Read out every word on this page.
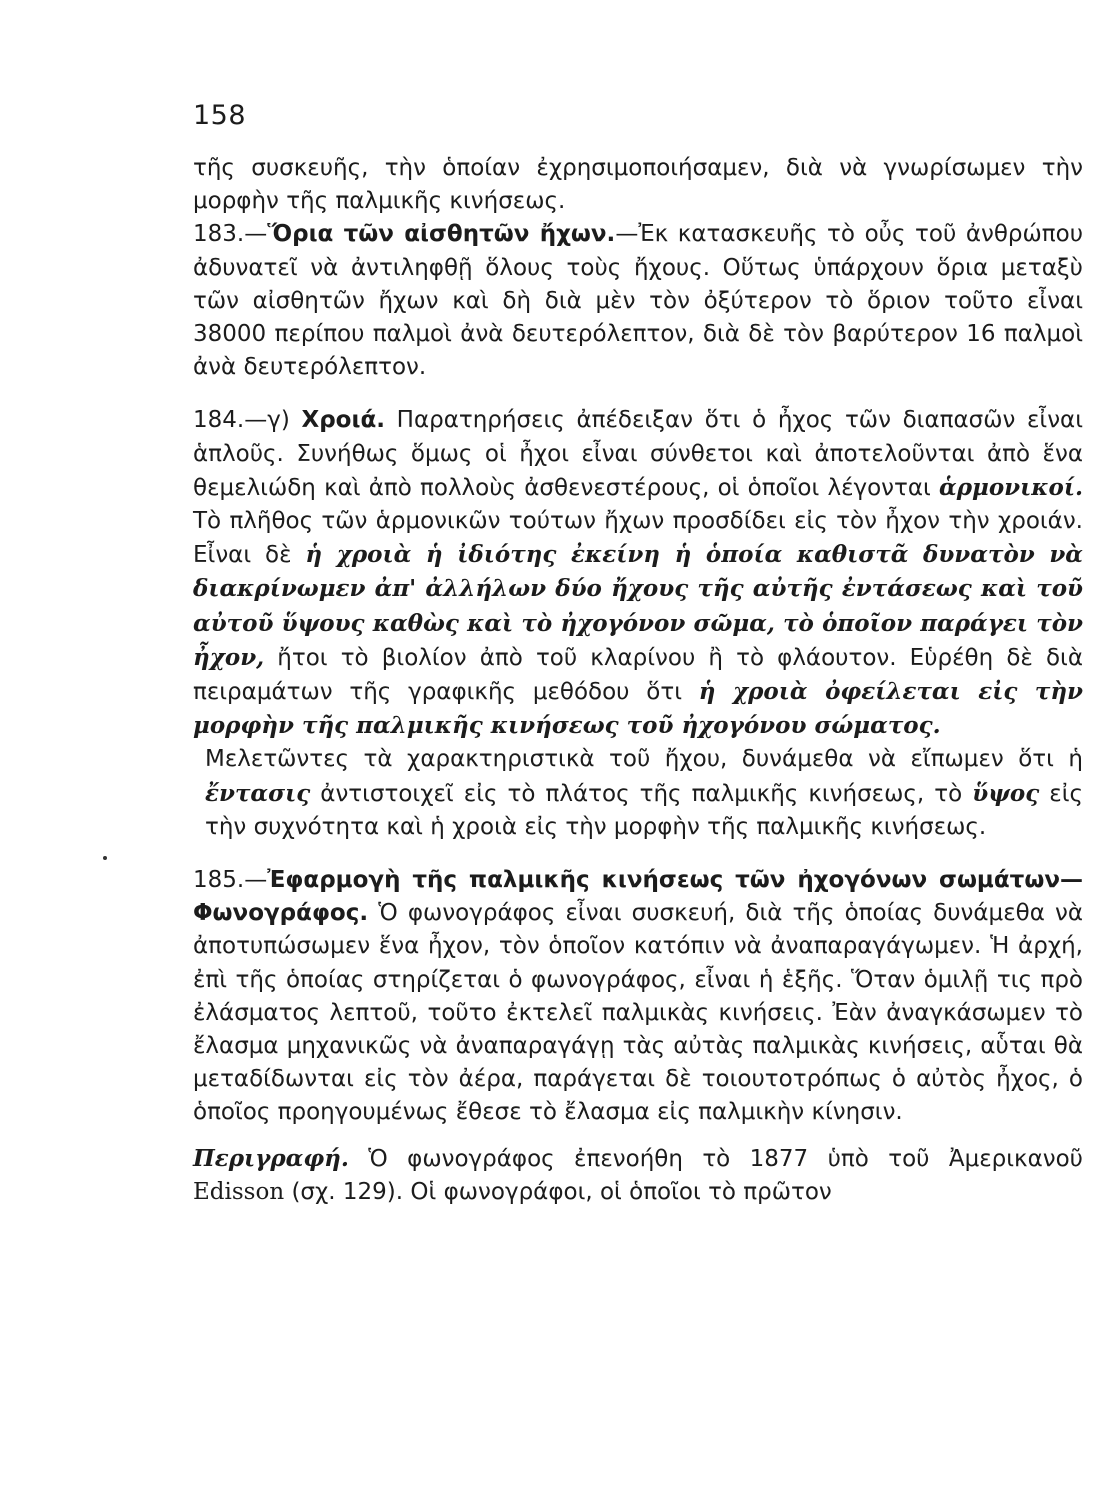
158

τῆς συσκευῆς, τὴν ὁποίαν ἐχρησιμοποιήσαμεν, διὰ νὰ γνωρίσωμεν τὴν μορφὴν τῆς παλμικῆς κινήσεως.

183.—Ὅρια τῶν αἰσθητῶν ἤχων.—Ἐκ κατασκευῆς τὸ οὖς τοῦ ἀνθρώπου ἀδυνατεῖ νὰ ἀντιληφθῇ ὅλους τοὺς ἤχους. Οὕτως ὑπάρχουν ὅρια μεταξὺ τῶν αἰσθητῶν ἤχων καὶ δὴ διὰ μὲν τὸν ὀξύτερον τὸ ὅριον τοῦτο εἶναι 38000 περίπου παλμοὶ ἀνὰ δευτερόλεπτον, διὰ δὲ τὸν βαρύτερον 16 παλμοὶ ἀνὰ δευτερόλεπτον.

184.—γ) Χροιά. Παρατηρήσεις ἀπέδειξαν ὅτι ὁ ἦχος τῶν διαπασῶν εἶναι ἁπλοῦς. Συνήθως ὅμως οἱ ἦχοι εἶναι σύνθετοι καὶ ἀποτελοῦνται ἀπὸ ἕνα θεμελιώδη καὶ ἀπὸ πολλοὺς ἀσθενεστέρους, οἱ ὁποῖοι λέγονται ἁρμονικοί. Τὸ πλῆθος τῶν ἁρμονικῶν τούτων ἤχων προσδίδει εἰς τὸν ἦχον τὴν χροιάν. Εἶναι δὲ ἡ χροιὰ ἡ ἰδιότης ἐκείνη ἡ ὁποία καθιστᾶ δυνατὸν νὰ διακρίνωμεν ἀπ' ἀλλήλων δύο ἤχους τῆς αὐτῆς ἐντάσεως καὶ τοῦ αὐτοῦ ὕψους καθὼς καὶ τὸ ἠχογόνον σῶμα, τὸ ὁποῖον παράγει τὸν ἦχον, ἤτοι τὸ βιολίον ἀπὸ τοῦ κλαρίνου ἢ τὸ φλάουτον. Εὑρέθη δὲ διὰ πειραμάτων τῆς γραφικῆς μεθόδου ὅτι ἡ χροιὰ ὀφείλεται εἰς τὴν μορφὴν τῆς παλμικῆς κινήσεως τοῦ ἠχογόνου σώματος.

Μελετῶντες τὰ χαρακτηριστικὰ τοῦ ἤχου, δυνάμεθα νὰ εἴπωμεν ὅτι ἡ ἔντασις ἀντιστοιχεῖ εἰς τὸ πλάτος τῆς παλμικῆς κινήσεως, τὸ ὕψος εἰς τὴν συχνότητα καὶ ἡ χροιὰ εἰς τὴν μορφὴν τῆς παλμικῆς κινήσεως.

185.—Ἐφαρμογὴ τῆς παλμικῆς κινήσεως τῶν ἠχογόνων σωμάτων—Φωνογράφος. Ὁ φωνογράφος εἶναι συσκευή, διὰ τῆς ὁποίας δυνάμεθα νὰ ἀποτυπώσωμεν ἕνα ἦχον, τὸν ὁποῖον κατόπιν νὰ ἀναπαραγάγωμεν. Ἡ ἀρχή, ἐπὶ τῆς ὁποίας στηρίζεται ὁ φωνογράφος, εἶναι ἡ ἑξῆς. Ὅταν ὁμιλῇ τις πρὸ ἐλάσματος λεπτοῦ, τοῦτο ἐκτελεῖ παλμικὰς κινήσεις. Ἐὰν ἀναγκάσωμεν τὸ ἔλασμα μηχανικῶς νὰ ἀναπαραγάγῃ τὰς αὐτὰς παλμικὰς κινήσεις, αὗται θὰ μεταδίδωνται εἰς τὸν ἀέρα, παράγεται δὲ τοιουτοτρόπως ὁ αὐτὸς ἦχος, ὁ ὁποῖος προηγουμένως ἔθεσε τὸ ἔλασμα εἰς παλμικὴν κίνησιν.

Περιγραφή. Ὁ φωνογράφος ἐπενοήθη τὸ 1877 ὑπὸ τοῦ Ἀμερικανοῦ Edisson (σχ. 129). Οἱ φωνογράφοι, οἱ ὁποῖοι τὸ πρῶτον
